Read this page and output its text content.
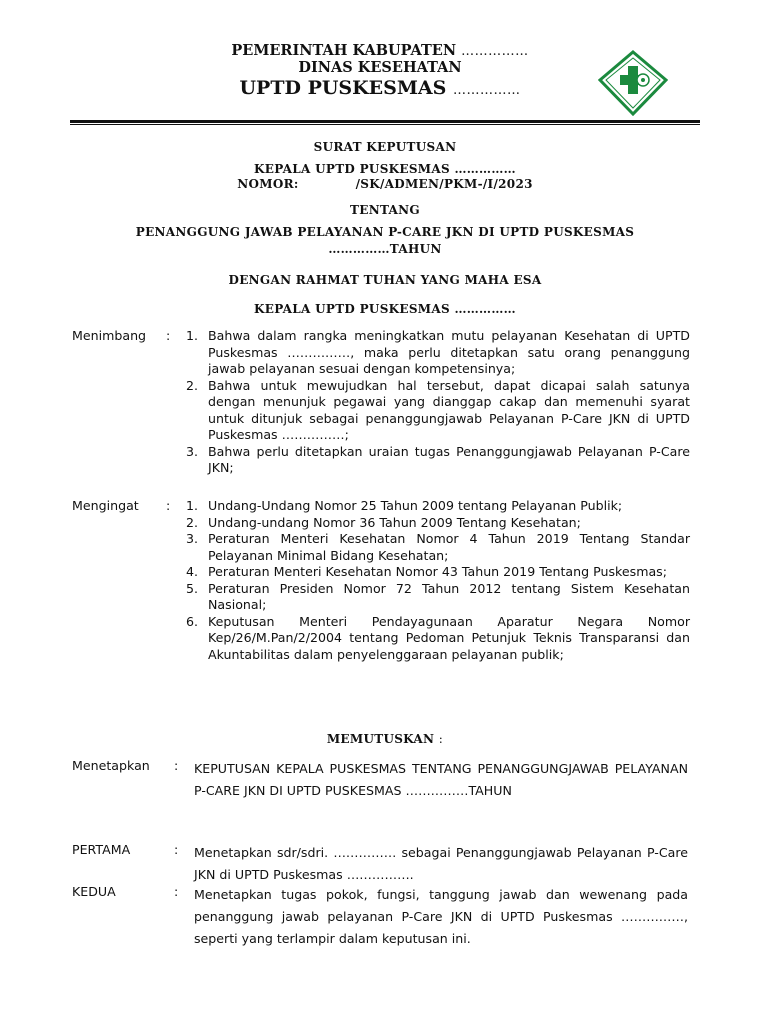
PEMERINTAH KABUPATEN ……………
DINAS KESEHATAN
UPTD PUSKESMAS ……………
SURAT KEPUTUSAN
KEPALA UPTD PUSKESMAS ……………
NOMOR:	/SK/ADMEN/PKM-/I/2023
TENTANG
PENANGGUNG JAWAB PELAYANAN P-CARE JKN DI UPTD PUSKESMAS
……………TAHUN
DENGAN RAHMAT TUHAN YANG MAHA ESA
KEPALA UPTD PUSKESMAS ……………
Menimbang : 1. Bahwa dalam rangka meningkatkan mutu pelayanan Kesehatan di UPTD Puskesmas ……………, maka perlu ditetapkan satu orang penanggung jawab pelayanan sesuai dengan kompetensinya;
2. Bahwa untuk mewujudkan hal tersebut, dapat dicapai salah satunya dengan menunjuk pegawai yang dianggap cakap dan memenuhi syarat untuk ditunjuk sebagai penanggungjawab Pelayanan P-Care JKN di UPTD Puskesmas ……………;
3. Bahwa perlu ditetapkan uraian tugas Penanggungjawab Pelayanan P-Care JKN;
Mengingat : 1. Undang-Undang Nomor 25 Tahun 2009 tentang Pelayanan Publik;
2. Undang-undang Nomor 36 Tahun 2009 Tentang Kesehatan;
3. Peraturan Menteri Kesehatan Nomor 4 Tahun 2019 Tentang Standar Pelayanan Minimal Bidang Kesehatan;
4. Peraturan Menteri Kesehatan Nomor 43 Tahun 2019 Tentang Puskesmas;
5. Peraturan Presiden Nomor 72 Tahun 2012 tentang Sistem Kesehatan Nasional;
6. Keputusan Menteri Pendayagunaan Aparatur Negara Nomor Kep/26/M.Pan/2/2004 tentang Pedoman Petunjuk Teknis Transparansi dan Akuntabilitas dalam penyelenggaraan pelayanan publik;
MEMUTUSKAN :
Menetapkan : KEPUTUSAN KEPALA PUSKESMAS TENTANG PENANGGUNGJAWAB PELAYANAN P-CARE JKN DI UPTD PUSKESMAS ……………TAHUN
PERTAMA	: Menetapkan sdr/sdri. …………… sebagai Penanggungjawab Pelayanan P-Care JKN di UPTD Puskesmas …………….
KEDUA	: Menetapkan tugas pokok, fungsi, tanggung jawab dan wewenang pada penanggung jawab pelayanan P-Care JKN di UPTD Puskesmas ……………, seperti yang terlampir dalam keputusan ini.
